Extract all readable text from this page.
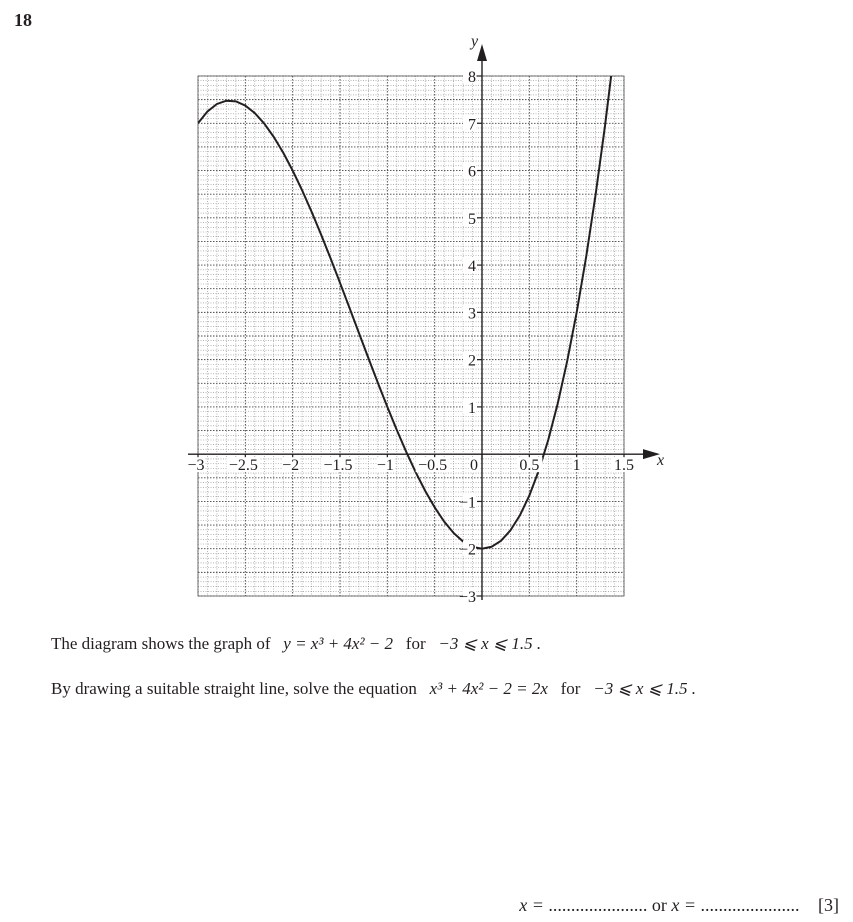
18
−3
−2
−1
1
2
3
4
5
6
7
8
−3 −2.5 −2 −1.5 −1 −0.5 0	0.5 1 1.5 x
y
The diagram shows the graph of y = x³ + 4x² − 2 for −3 ⩽ x ⩽ 1.5 .
By drawing a suitable straight line, solve the equation x³ + 4x² − 2 = 2x for −3 ⩽ x ⩽ 1.5 .
x = ...................... or x = ...................... [3]
